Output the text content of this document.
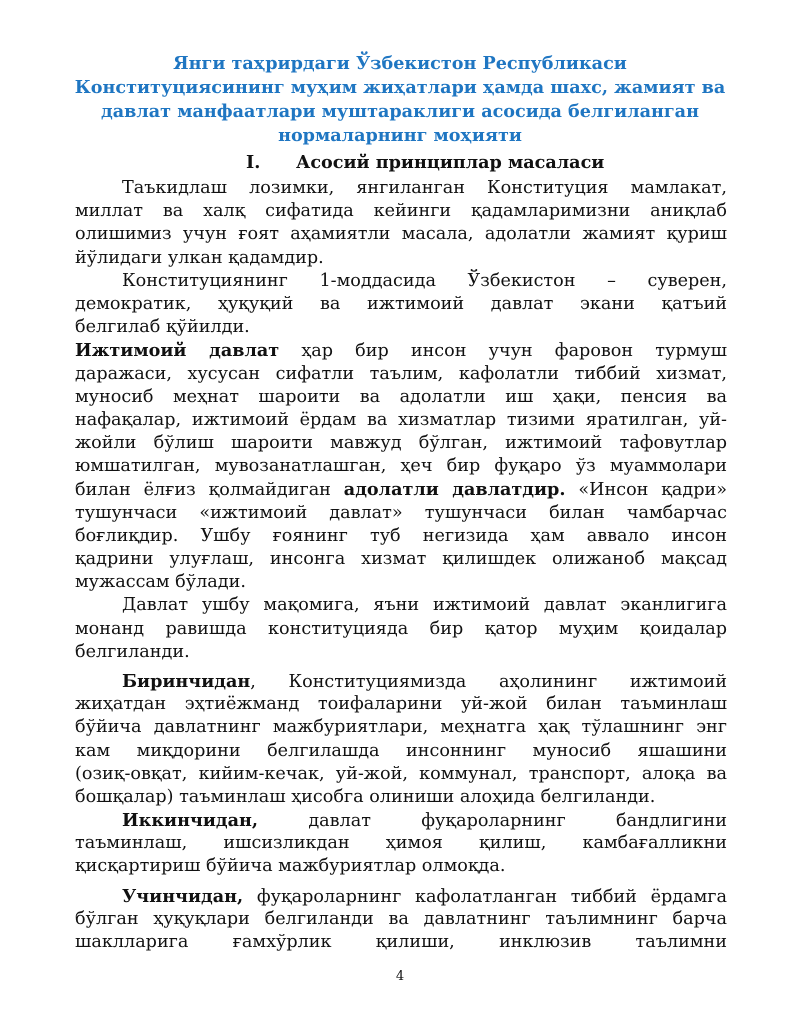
Янги таҳрирдаги Ўзбекистон Республикаси
Конституциясининг муҳим жиҳатлари ҳамда шахс, жамият ва
давлат манфаатлари муштараклиги асосида белгиланган
нормаларнинг моҳияти
I. Асосий принциплар масаласи
Таъкидлаш лозимки, янгиланган Конституция мамлакат,
миллат ва халқ сифатида кейинги қадамларимизни аниқлаб
олишимиз учун ғоят аҳамиятли масала, адолатли жамият қуриш
йўлидаги улкан қадамдир.
Конституциянинг 1-моддасида Ўзбекистон – суверен,
демократик, ҳуқуқий ва ижтимоий давлат экани қатъий
белгилаб қўйилди.
Ижтимоий давлат ҳар бир инсон учун фаровон турмуш
даражаси, хусусан сифатли таълим, кафолатли тиббий хизмат,
муносиб меҳнат шароити ва адолатли иш ҳақи, пенсия ва
нафақалар, ижтимоий ёрдам ва хизматлар тизими яратилган, уй-
жойли бўлиш шароити мавжуд бўлган, ижтимоий тафовутлар
юмшатилган, мувозанатлашган, ҳеч бир фуқаро ўз муаммолари
билан ёлғиз қолмайдиган адолатли давлатдир. «Инсон қадри»
тушунчаси «ижтимоий давлат» тушунчаси билан чамбарчас
боғлиқдир. Ушбу ғоянинг туб негизида ҳам аввало инсон
қадрини улуғлаш, инсонга хизмат қилишдек олижаноб мақсад
мужассам бўлади.
Давлат ушбу мақомига, яъни ижтимоий давлат эканлигига
монанд равишда конституцияда бир қатор муҳим қоидалар
белгиланди.
Биринчидан, Конституциямизда аҳолининг ижтимоий
жиҳатдан эҳтиёжманд тоифаларини уй-жой билан таъминлаш
бўйича давлатнинг мажбуриятлари, меҳнатга ҳақ тўлашнинг энг
кам миқдорини белгилашда инсоннинг муносиб яшашини
(озиқ-овқат, кийим-кечак, уй-жой, коммунал, транспорт, алоқа ва
бошқалар) таъминлаш ҳисобга олиниши алоҳида белгиланди.
Иккинчидан, давлат фуқароларнинг бандлигини
таъминлаш, ишсизликдан ҳимоя қилиш, камбағалликни
қисқартириш бўйича мажбуриятлар олмоқда.
Учинчидан, фуқароларнинг кафолатланган тиббий ёрдамга
бўлган ҳуқуқлари белгиланди ва давлатнинг таълимнинг барча
шаклларига ғамхўрлик қилиши, инклюзив таълимни
4
